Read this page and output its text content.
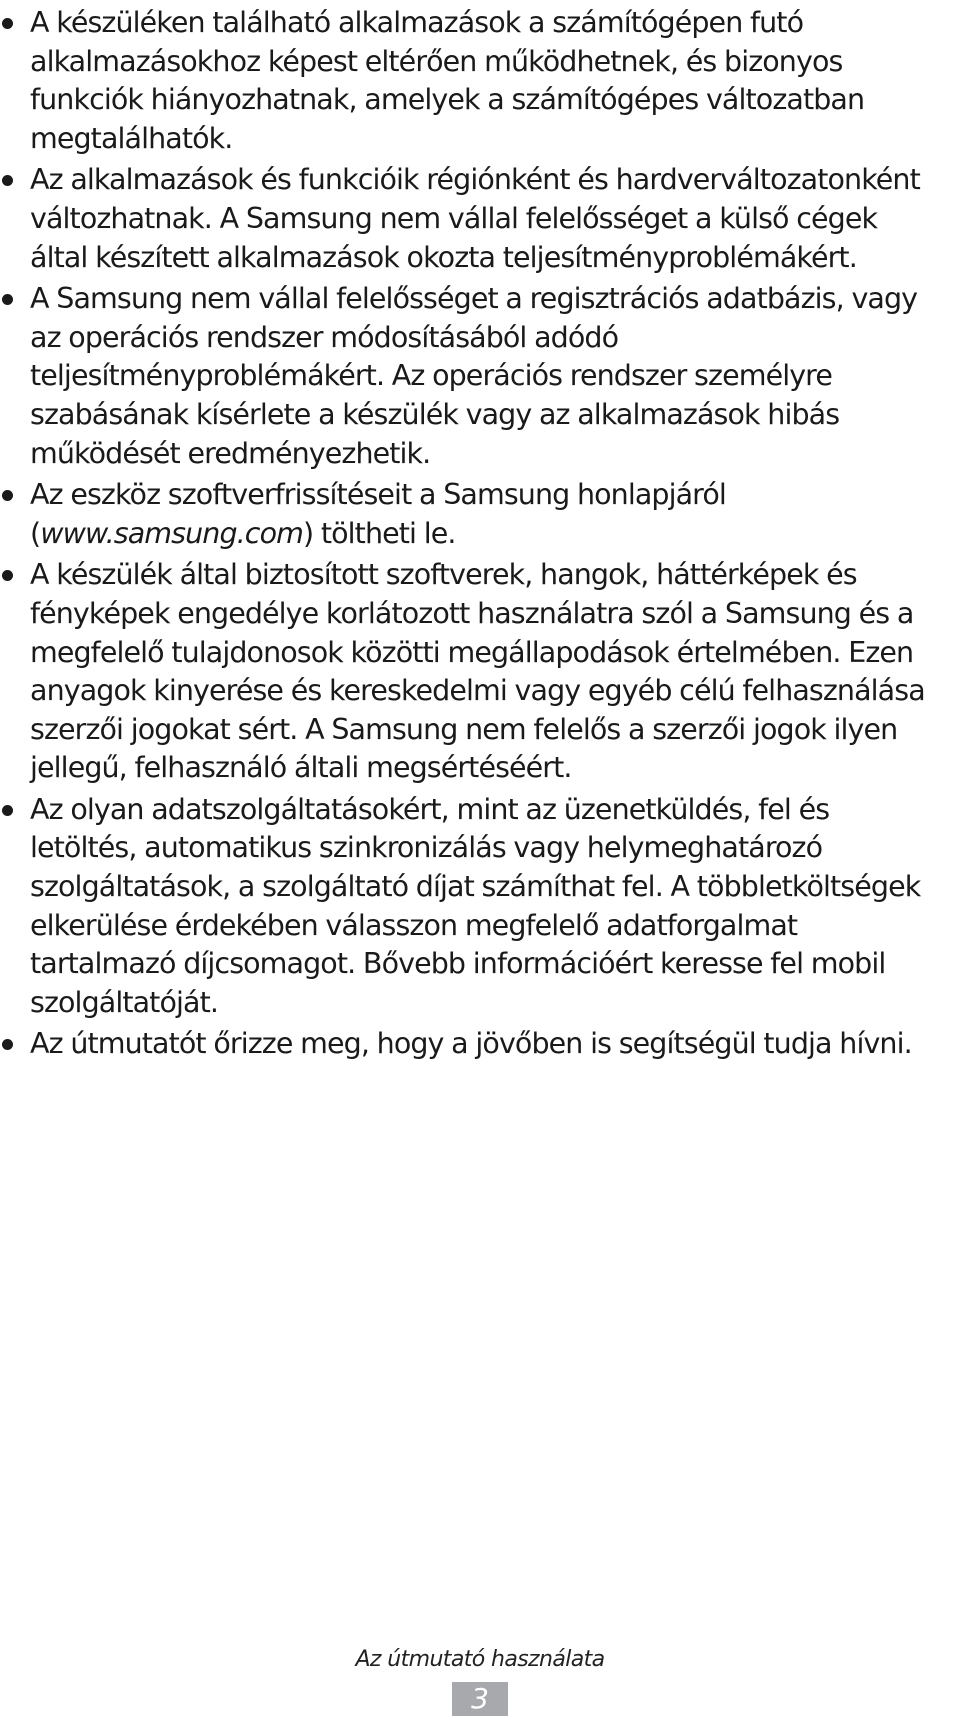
A készüléken található alkalmazások a számítógépen futó alkalmazásokhoz képest eltérően működhetnek, és bizonyos funkciók hiányozhatnak, amelyek a számítógépes változatban megtalálhatók.
Az alkalmazások és funkcióik régiónként és hardverváltozatonként változhatnak. A Samsung nem vállal felelősséget a külső cégek által készített alkalmazások okozta teljesítményproblémákért.
A Samsung nem vállal felelősséget a regisztrációs adatbázis, vagy az operációs rendszer módosításából adódó teljesítményproblémákért. Az operációs rendszer személyre szabásának kísérlete a készülék vagy az alkalmazások hibás működését eredményezhetik.
Az eszköz szoftverfrissítéseit a Samsung honlapjáról (www.samsung.com) töltheti le.
A készülék által biztosított szoftverek, hangok, háttérképek és fényképek engedélye korlátozott használatra szól a Samsung és a megfelelő tulajdonosok közötti megállapodások értelmében. Ezen anyagok kinyerése és kereskedelmi vagy egyéb célú felhasználása szerzői jogokat sért. A Samsung nem felelős a szerzői jogok ilyen jellegű, felhasználó általi megsértéséért.
Az olyan adatszolgáltatásokért, mint az üzenetküldés, fel és letöltés, automatikus szinkronizálás vagy helymeghatározó szolgáltatások, a szolgáltató díjat számíthat fel. A többletköltségek elkerülése érdekében válasszon megfelelő adatforgalmat tartalmazó díjcsomagot. Bővebb információért keresse fel mobil szolgáltatóját.
Az útmutatót őrizze meg, hogy a jövőben is segítségül tudja hívni.
Az útmutató használata
3
